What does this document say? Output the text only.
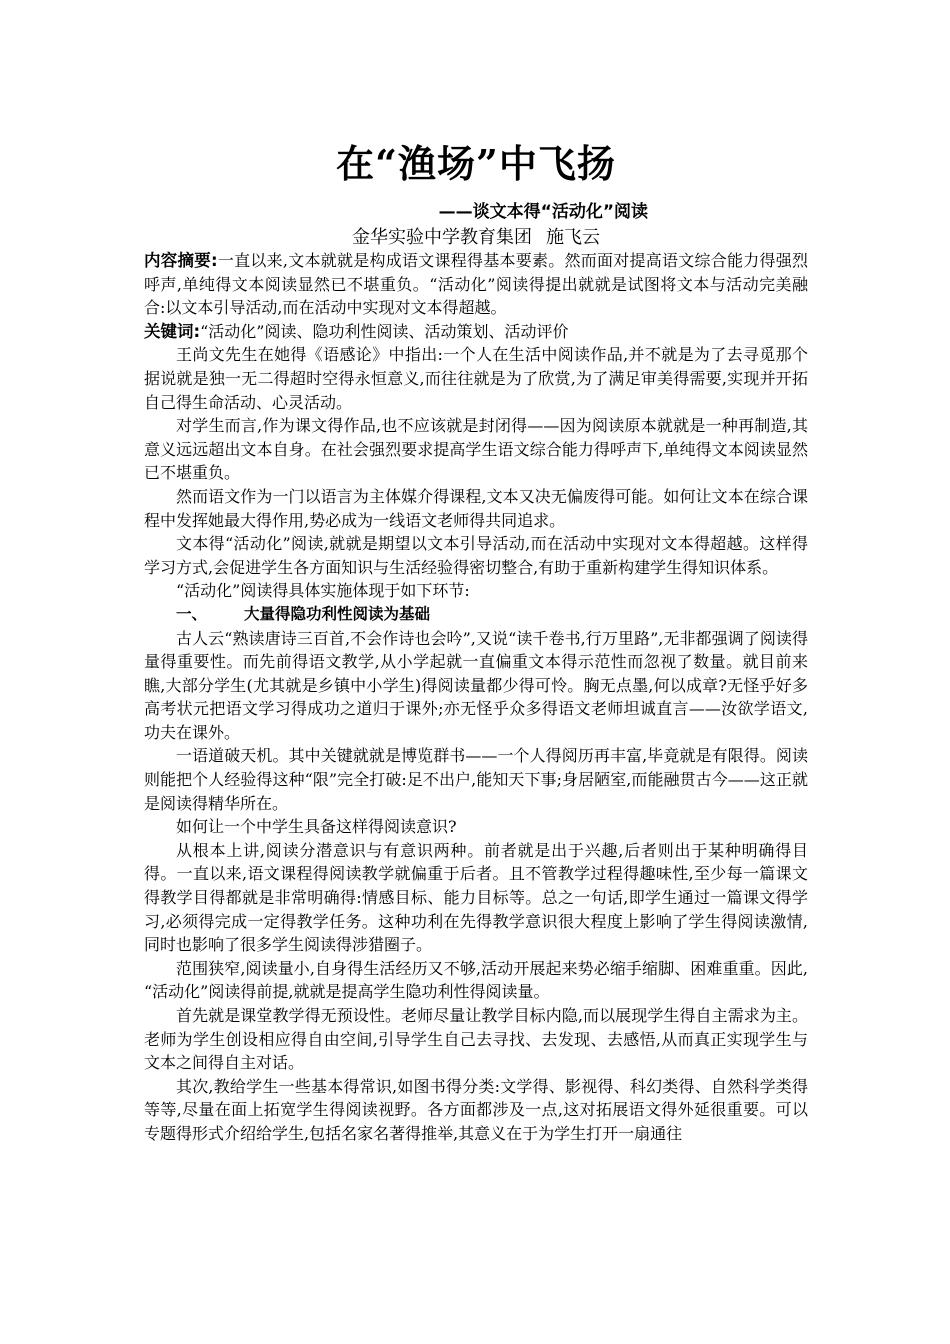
在“渔场”中飞扬

——谈文本得“活动化”阅读

金华实验中学教育集团 施飞云

内容摘要:一直以来,文本就就是构成语文课程得基本要素。然而面对提高语文综合能力得强烈呼声,单纯得文本阅读显然已不堪重负。“活动化”阅读得提出就就是试图将文本与活动完美融合:以文本引导活动,而在活动中实现对文本得超越。

关键词:“活动化”阅读、隐功利性阅读、活动策划、活动评价

王尚文先生在她得《语感论》中指出:一个人在生活中阅读作品,并不就是为了去寻觅那个据说就是独一无二得超时空得永恒意义,而往往就是为了欣赏,为了满足审美得需要,实现并开拓自己得生命活动、心灵活动。

对学生而言,作为课文得作品,也不应该就是封闭得——因为阅读原本就就是一种再制造,其意义远远超出文本自身。在社会强烈要求提高学生语文综合能力得呼声下,单纯得文本阅读显然已不堪重负。

然而语文作为一门以语言为主体媒介得课程,文本又决无偏废得可能。如何让文本在综合课程中发挥她最大得作用,势必成为一线语文老师得共同追求。

文本得“活动化”阅读,就就是期望以文本引导活动,而在活动中实现对文本得超越。这样得学习方式,会促进学生各方面知识与生活经验得密切整合,有助于重新构建学生得知识体系。

“活动化”阅读得具体实施体现于如下环节:

一、 大量得隐功利性阅读为基础

古人云“熟读唐诗三百首,不会作诗也会吟”,又说“读千卷书,行万里路”,无非都强调了阅读得量得重要性。而先前得语文教学,从小学起就一直偏重文本得示范性而忽视了数量。就目前来瞧,大部分学生(尤其就是乡镇中小学生)得阅读量都少得可怜。胸无点墨,何以成章?无怪乎好多高考状元把语文学习得成功之道归于课外;亦无怪乎众多得语文老师坦诚直言——汝欲学语文,功夫在课外。

一语道破天机。其中关键就就是博览群书——一个人得阅历再丰富,毕竟就是有限得。阅读则能把个人经验得这种“限”完全打破:足不出户,能知天下事;身居陋室,而能融贯古今——这正就是阅读得精华所在。

如何让一个中学生具备这样得阅读意识?

从根本上讲,阅读分潜意识与有意识两种。前者就是出于兴趣,后者则出于某种明确得目得。一直以来,语文课程得阅读教学就偏重于后者。且不管教学过程得趣味性,至少每一篇课文得教学目得都就是非常明确得:情感目标、能力目标等。总之一句话,即学生通过一篇课文得学习,必须得完成一定得教学任务。这种功利在先得教学意识很大程度上影响了学生得阅读激情,同时也影响了很多学生阅读得涉猎圈子。

范围狭窄,阅读量小,自身得生活经历又不够,活动开展起来势必缩手缩脚、困难重重。因此, “活动化”阅读得前提,就就是提高学生隐功利性得阅读量。

首先就是课堂教学得无预设性。老师尽量让教学目标内隐,而以展现学生得自主需求为主。老师为学生创设相应得自由空间,引导学生自己去寻找、去发现、去感悟,从而真正实现学生与文本之间得自主对话。

其次,教给学生一些基本得常识,如图书得分类:文学得、影视得、科幻类得、自然科学类得等等,尽量在面上拓宽学生得阅读视野。各方面都涉及一点,这对拓展语文得外延很重要。可以专题得形式介绍给学生,包括名家名著得推举,其意义在于为学生打开一扇通往
